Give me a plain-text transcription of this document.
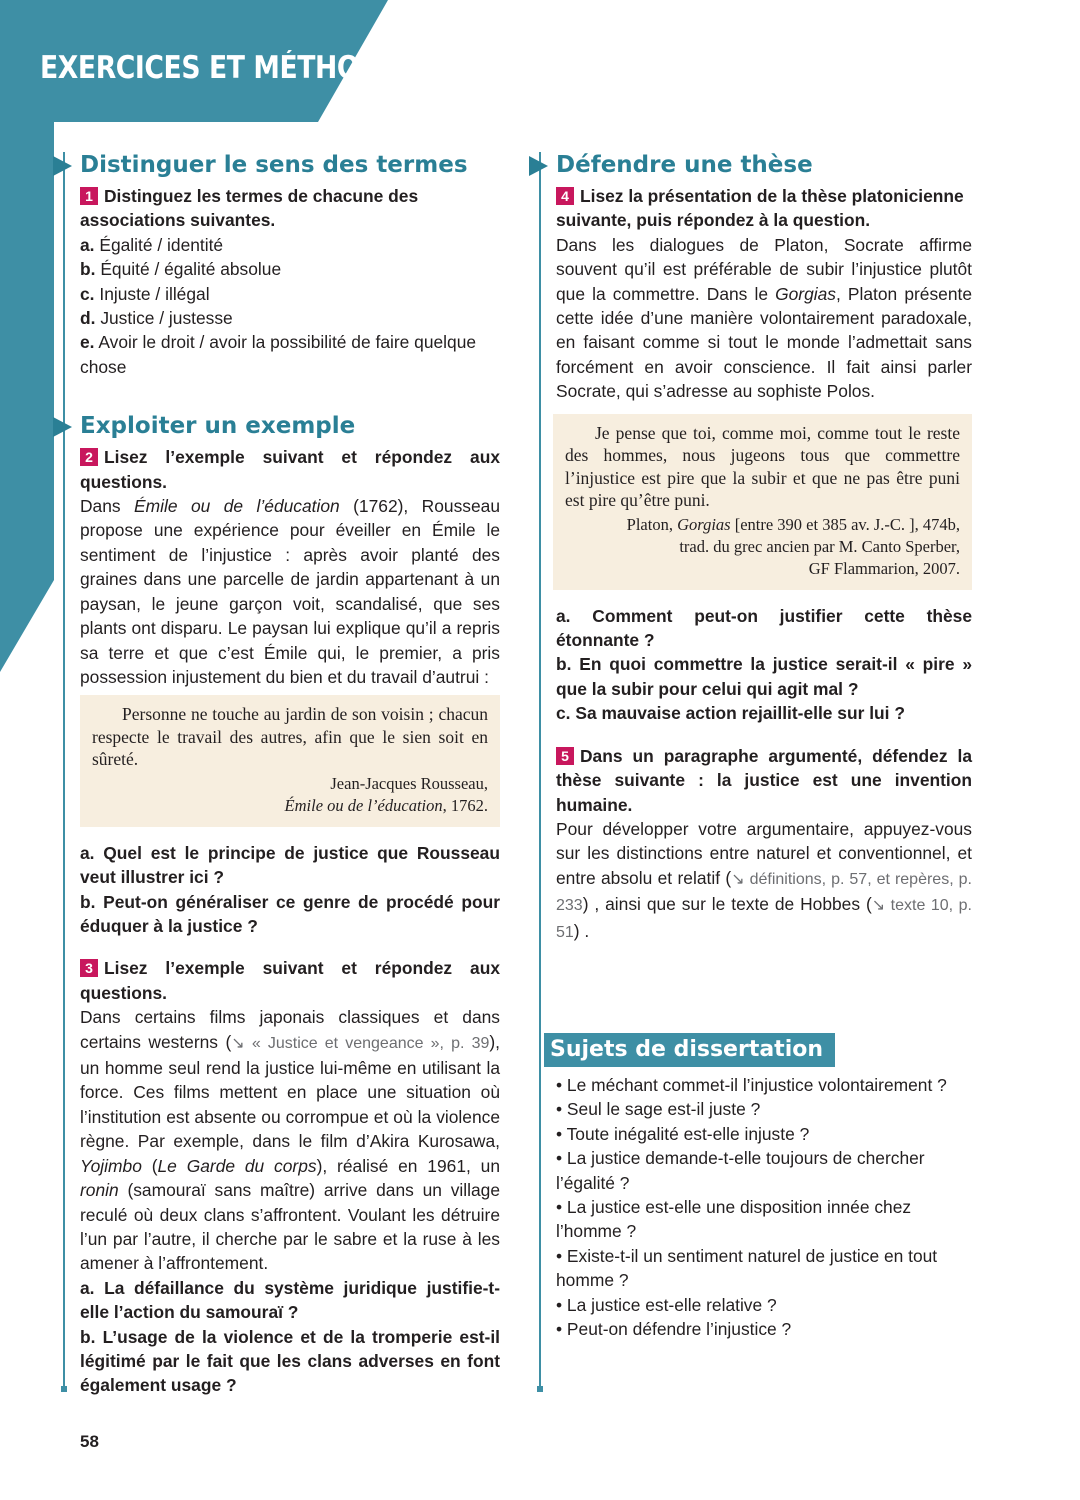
EXERCICES ET MÉTHODES
Distinguer le sens des termes

1 Distinguez les termes de chacune des associations suivantes.

a. Égalité / identité

b. Équité / égalité absolue

c. Injuste / illégal

d. Justice / justesse

e. Avoir le droit / avoir la possibilité de faire quelque chose

Exploiter un exemple

2 Lisez l’exemple suivant et répondez aux questions.

Dans Émile ou de l’éducation (1762), Rousseau propose une expérience pour éveiller en Émile le sentiment de l’injustice : après avoir planté des graines dans une parcelle de jardin appartenant à un paysan, le jeune garçon voit, scandalisé, que ses plants ont disparu. Le paysan lui explique qu’il a repris sa terre et que c’est Émile qui, le premier, a pris possession injustement du bien et du travail d’autrui :

Personne ne touche au jardin de son voisin ; chacun respecte le travail des autres, afin que le sien soit en sûreté.

Jean-Jacques Rousseau,

Émile ou de l’éducation, 1762.

a. Quel est le principe de justice que Rousseau veut illustrer ici ?

b. Peut-on généraliser ce genre de procédé pour éduquer à la justice ?

3 Lisez l’exemple suivant et répondez aux questions.

Dans certains films japonais classiques et dans certains westerns (↘ « Justice et vengeance », p. 39), un homme seul rend la justice lui-même en utilisant la force. Ces films mettent en place une situation où l’institution est absente ou corrompue et où la violence règne. Par exemple, dans le film d’Akira Kurosawa, Yojimbo (Le Garde du corps), réalisé en 1961, un ronin (samouraï sans maître) arrive dans un village reculé où deux clans s’affrontent. Voulant les détruire l’un par l’autre, il cherche par le sabre et la ruse à les amener à l’affrontement.

a. La défaillance du système juridique justifie-t-elle l’action du samouraï ?

b. L’usage de la violence et de la tromperie est-il légitimé par le fait que les clans adverses en font également usage ?

Défendre une thèse

4 Lisez la présentation de la thèse platonicienne suivante, puis répondez à la question.

Dans les dialogues de Platon, Socrate affirme souvent qu’il est préférable de subir l’injustice plutôt que la commettre. Dans le Gorgias, Platon présente cette idée d’une manière volontairement paradoxale, en faisant comme si tout le monde l’admettait sans forcément en avoir conscience. Il fait ainsi parler Socrate, qui s’adresse au sophiste Polos.

Je pense que toi, comme moi, comme tout le reste des hommes, nous jugeons tous que commettre l’injustice est pire que la subir et que ne pas être puni est pire qu’être puni.

Platon, Gorgias [entre 390 et 385 av. J.-C. ], 474b,

trad. du grec ancien par M. Canto Sperber,

GF Flammarion, 2007.

a. Comment peut-on justifier cette thèse étonnante ?

b. En quoi commettre la justice serait-il « pire » que la subir pour celui qui agit mal ?

c. Sa mauvaise action rejaillit-elle sur lui ?

5 Dans un paragraphe argumenté, défendez la thèse suivante : la justice est une invention humaine.

Pour développer votre argumentaire, appuyez-vous sur les distinctions entre naturel et conventionnel, et entre absolu et relatif (↘ définitions, p. 57, et repères, p. 233) , ainsi que sur le texte de Hobbes (↘ texte 10, p. 51) .

Sujets de dissertation
• Le méchant commet-il l’injustice volontairement ?
• Seul le sage est-il juste ?
• Toute inégalité est-elle injuste ?
• La justice demande-t-elle toujours de chercher l’égalité ?
• La justice est-elle une disposition innée chez l’homme ?
• Existe-t-il un sentiment naturel de justice en tout homme ?
• La justice est-elle relative ?
• Peut-on défendre l’injustice ?
58
